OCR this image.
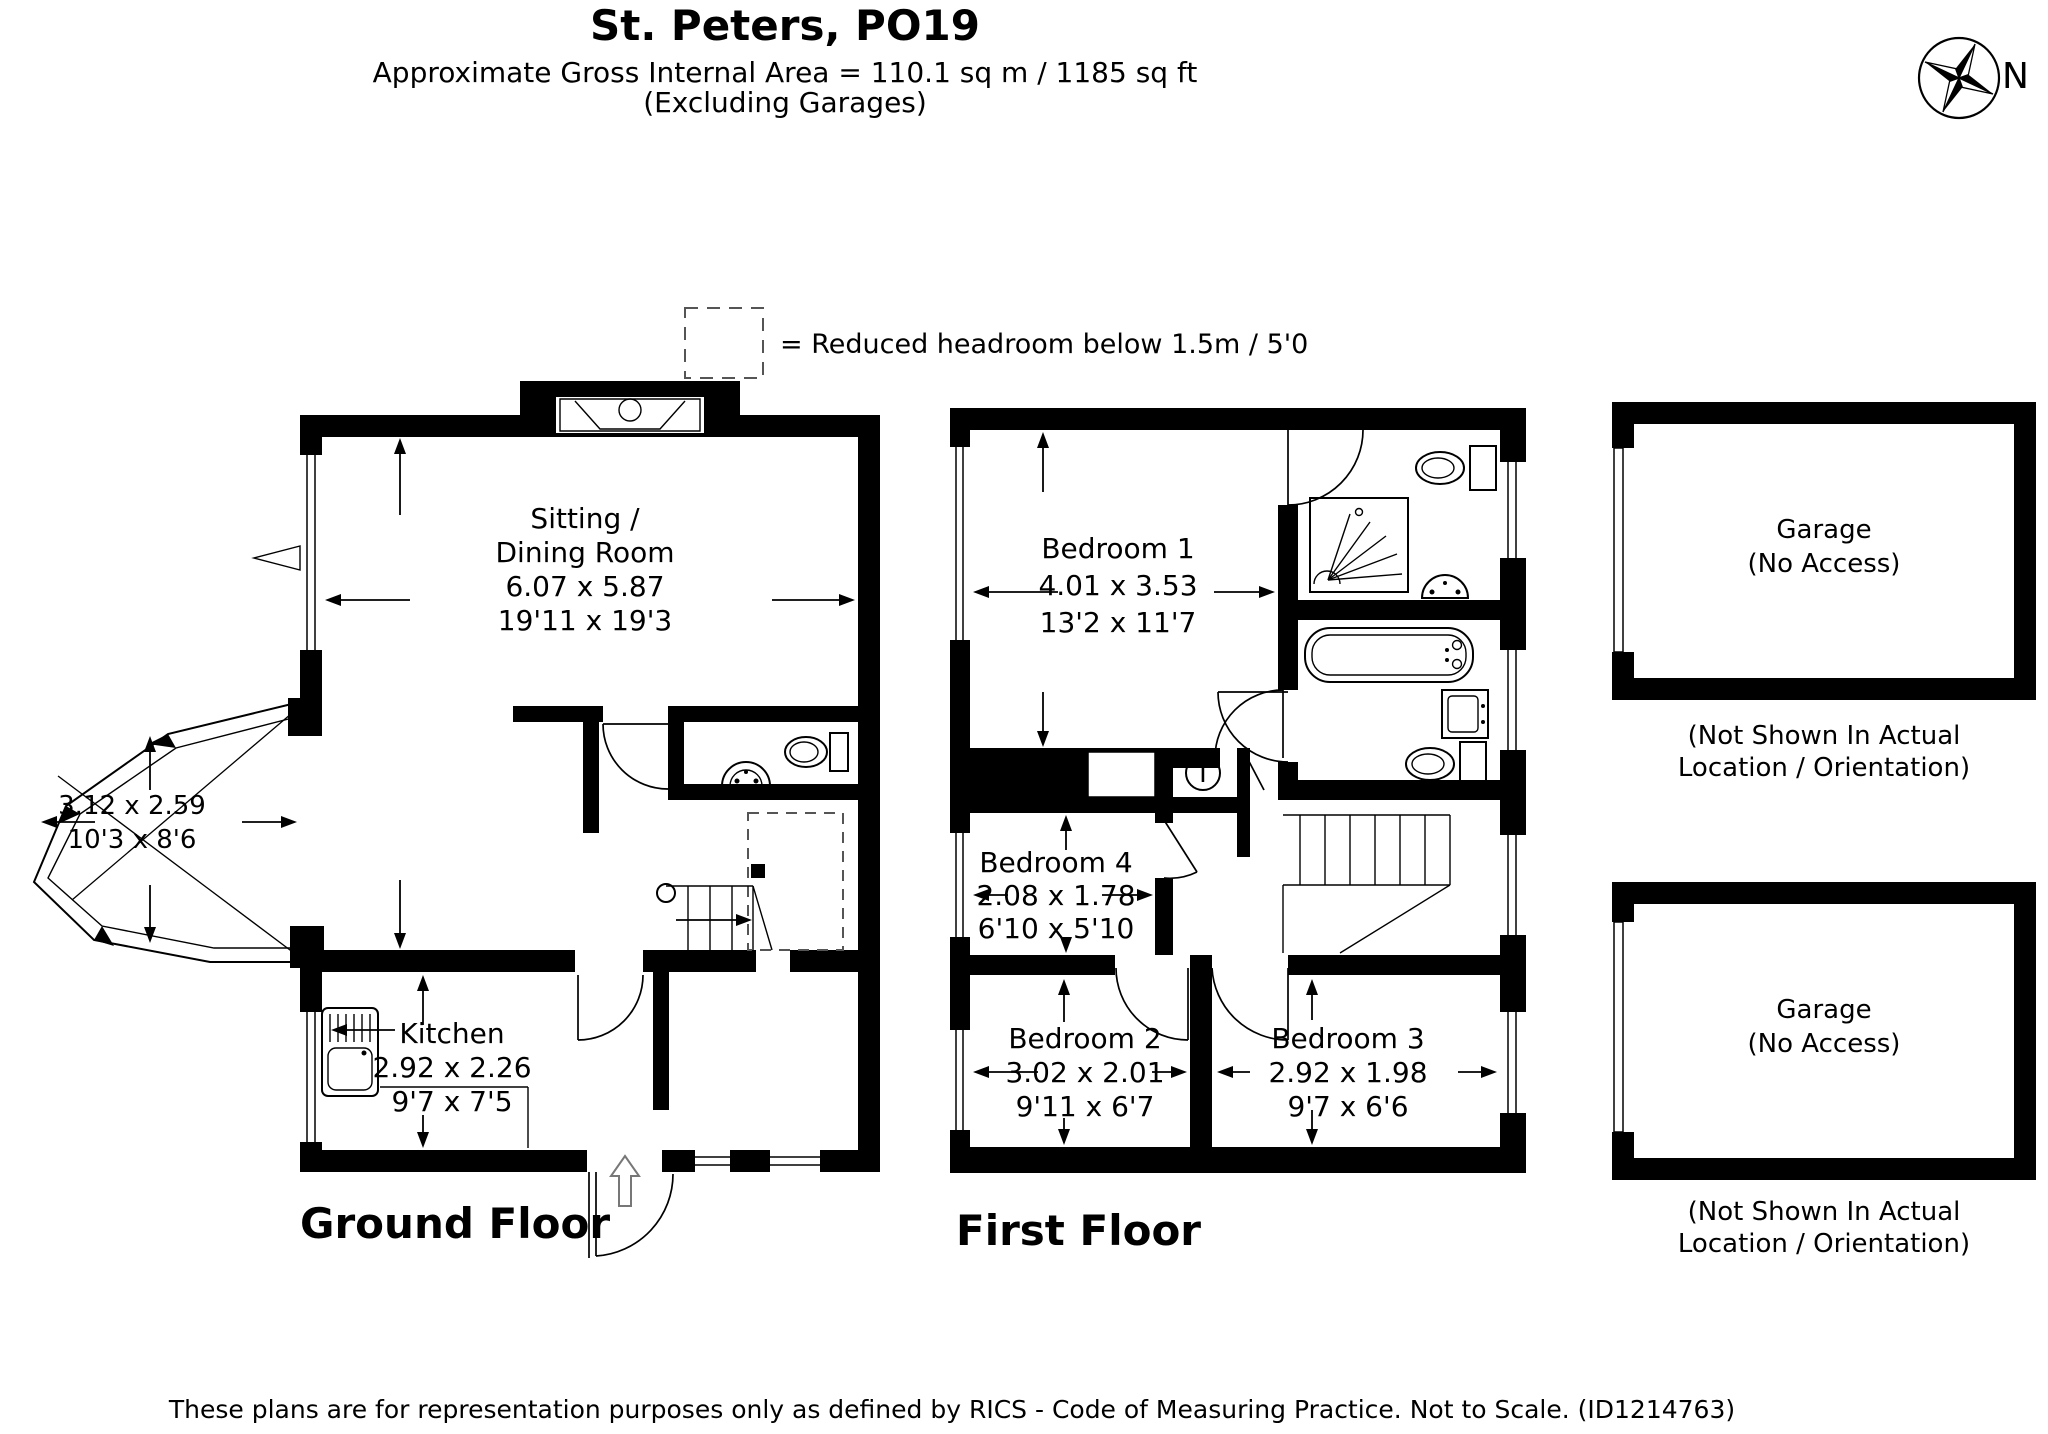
St. Peters, PO19
Approximate Gross Internal Area = 110.1 sq m / 1185 sq ft
(Excluding Garages)
N
= Reduced headroom below 1.5m / 5'0
Sitting /
Dining Room
6.07 x 5.87
19'11 x 19'3
3.12 x 2.59
10'3 x 8'6
Kitchen
2.92 x 2.26
9'7 x 7'5
Ground Floor
T
Bedroom 1
4.01 x 3.53
13'2 x 11'7
Bedroom 4
2.08 x 1.78
6'10 x 5'10
Bedroom 2
3.02 x 2.01
9'11 x 6'7
Bedroom 3
2.92 x 1.98
9'7 x 6'6
First Floor
Garage
(No Access)
(Not Shown In Actual
Location / Orientation)
Garage
(No Access)
(Not Shown In Actual
Location / Orientation)
These plans are for representation purposes only as defined by RICS - Code of Measuring Practice. Not to Scale. (ID1214763)
